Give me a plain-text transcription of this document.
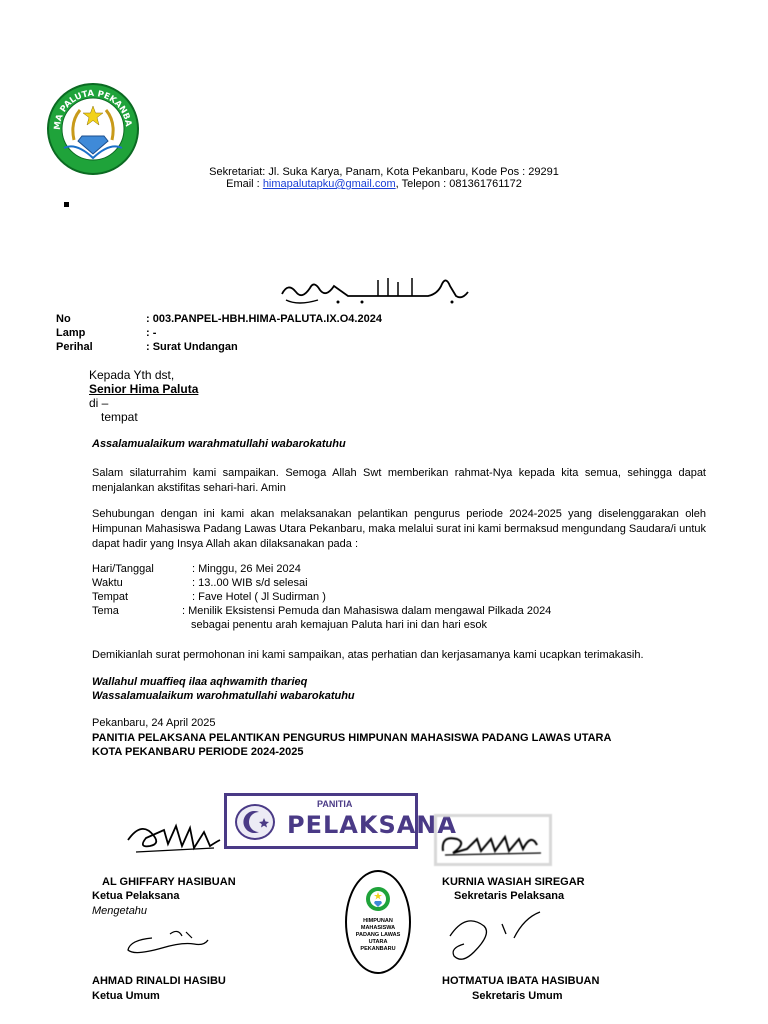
MA PALUTA PEKANBA
Sekretariat: Jl. Suka Karya, Panam, Kota Pekanbaru, Kode Pos : 29291
Email : himapalutapku@gmail.com, Telepon : 081361761172
No	: 003.PANPEL-HBH.HIMA-PALUTA.IX.O4.2024
Lamp	: -
Perihal	: Surat Undangan
Kepada Yth dst,
Senior Hima Paluta
di –
tempat
Assalamualaikum warahmatullahi wabarokatuhu
Salam silaturrahim kami sampaikan. Semoga Allah Swt memberikan rahmat-Nya kepada kita semua, sehingga dapat menjalankan akstifitas sehari-hari. Amin
Sehubungan dengan ini kami akan melaksanakan pelantikan pengurus periode 2024-2025 yang diselenggarakan oleh Himpunan Mahasiswa Padang Lawas Utara Pekanbaru, maka melalui surat ini kami bermaksud mengundang Saudara/i untuk dapat hadir yang Insya Allah akan dilaksanakan pada :
Hari/Tanggal	: Minggu, 26 Mei 2024
Waktu	: 13..00 WIB s/d selesai
Tempat	: Fave Hotel ( Jl Sudirman )
Tema	: Menilik Eksistensi Pemuda dan Mahasiswa dalam mengawal Pilkada 2024
sebagai penentu arah kemajuan Paluta hari ini dan hari esok
Demikianlah surat permohonan ini kami sampaikan, atas perhatian dan kerjasamanya kami ucapkan terimakasih.
Wallahul muaffieq ilaa aqhwamith tharieq
Wassalamualaikum warohmatullahi wabarokatuhu
Pekanbaru, 24 April 2025
PANITIA PELAKSANA PELANTIKAN PENGURUS HIMPUNAN MAHASISWA PADANG LAWAS UTARA
KOTA PEKANBARU PERIODE 2024-2025
PANITIA
PELAKSANA
AL GHIFFARY HASIBUAN
Ketua Pelaksana
Mengetahu
KURNIA WASIAH SIREGAR
Sekretaris Pelaksana
HIMPUNAN
MAHASISWA
PADANG LAWAS
UTARA
PEKANBARU
AHMAD RINALDI HASIBU
Ketua Umum
HOTMATUA IBATA HASIBUAN
Sekretaris Umum
